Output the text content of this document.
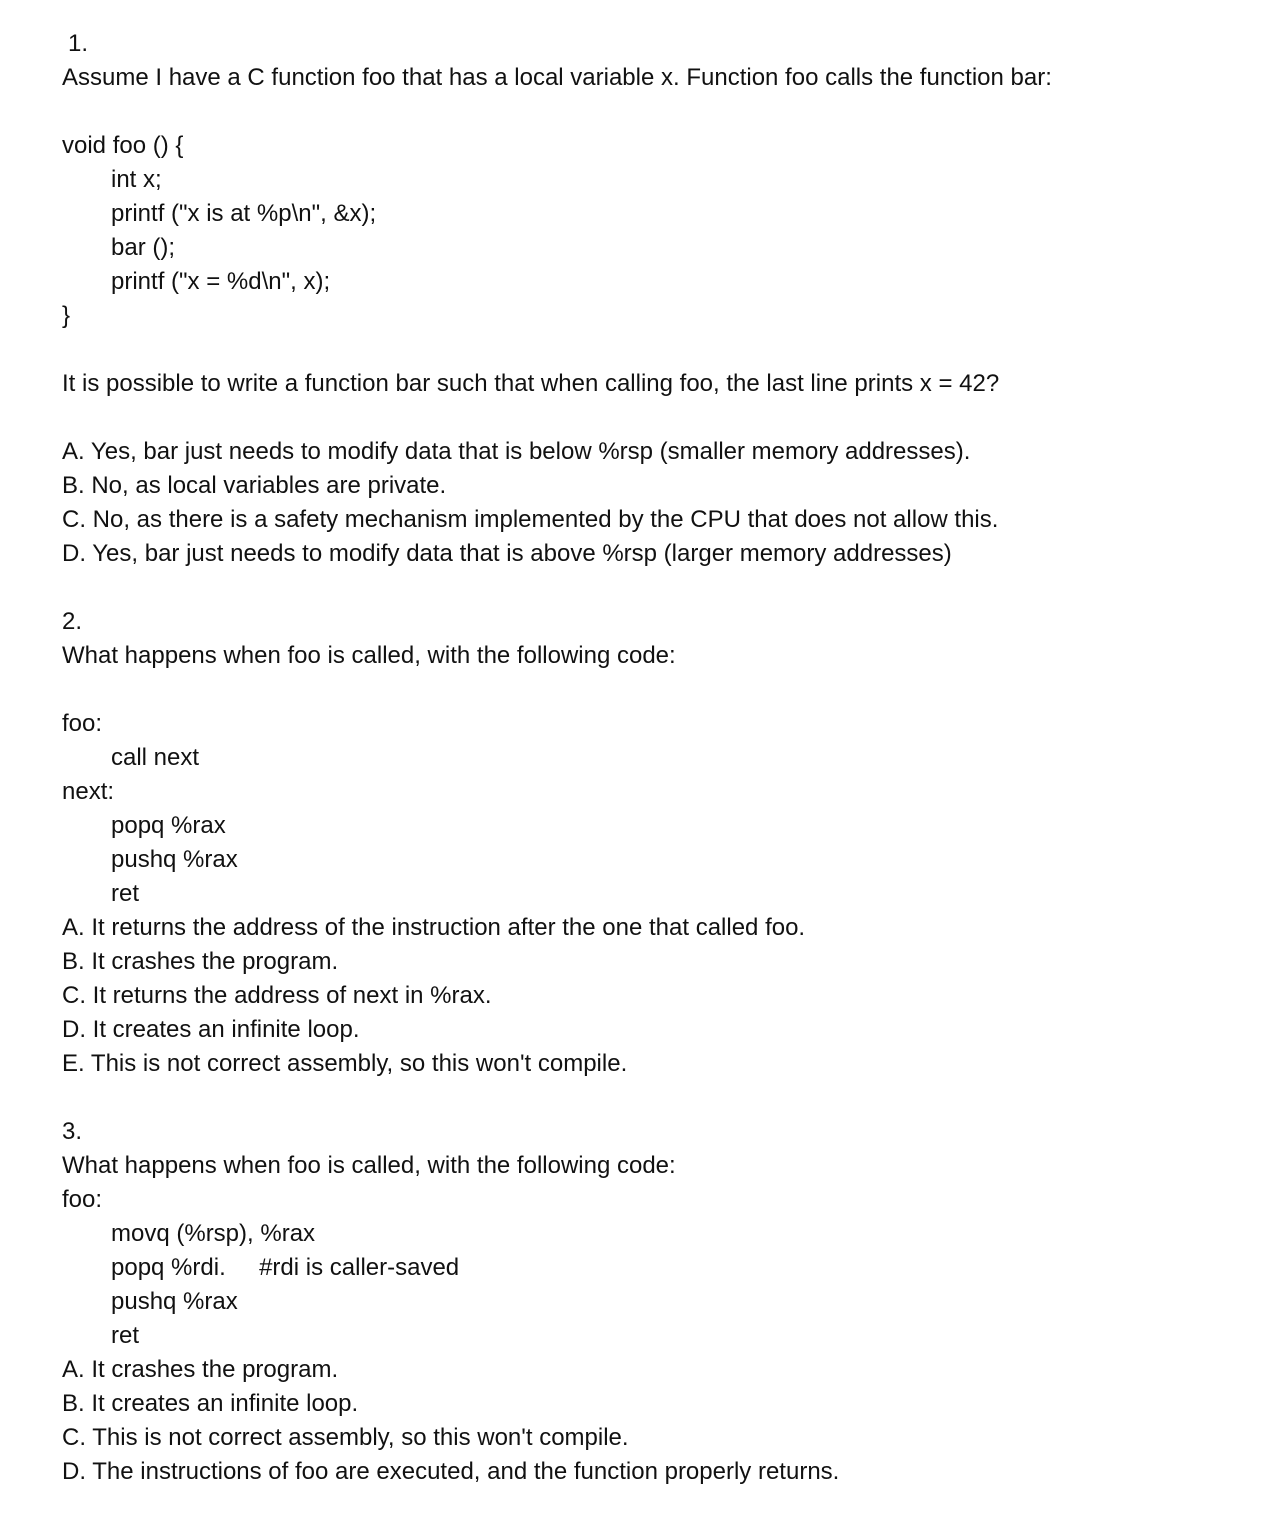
1.
Assume I have a C function foo that has a local variable x. Function foo calls the function bar:
void foo () {
int x;
printf ("x is at %p\n", &x);
bar ();
printf ("x = %d\n", x);
}
It is possible to write a function bar such that when calling foo, the last line prints x = 42?
A. Yes, bar just needs to modify data that is below %rsp (smaller memory addresses).
B. No, as local variables are private.
C. No, as there is a safety mechanism implemented by the CPU that does not allow this.
D. Yes, bar just needs to modify data that is above %rsp (larger memory addresses)
2.
What happens when foo is called, with the following code:
foo:
call next
next:
popq %rax
pushq %rax
ret
A. It returns the address of the instruction after the one that called foo.
B. It crashes the program.
C. It returns the address of next in %rax.
D. It creates an infinite loop.
E. This is not correct assembly, so this won't compile.
3.
What happens when foo is called, with the following code:
foo:
movq (%rsp), %rax
popq %rdi.     #rdi is caller-saved
pushq %rax
ret
A. It crashes the program.
B. It creates an infinite loop.
C. This is not correct assembly, so this won't compile.
D. The instructions of foo are executed, and the function properly returns.
